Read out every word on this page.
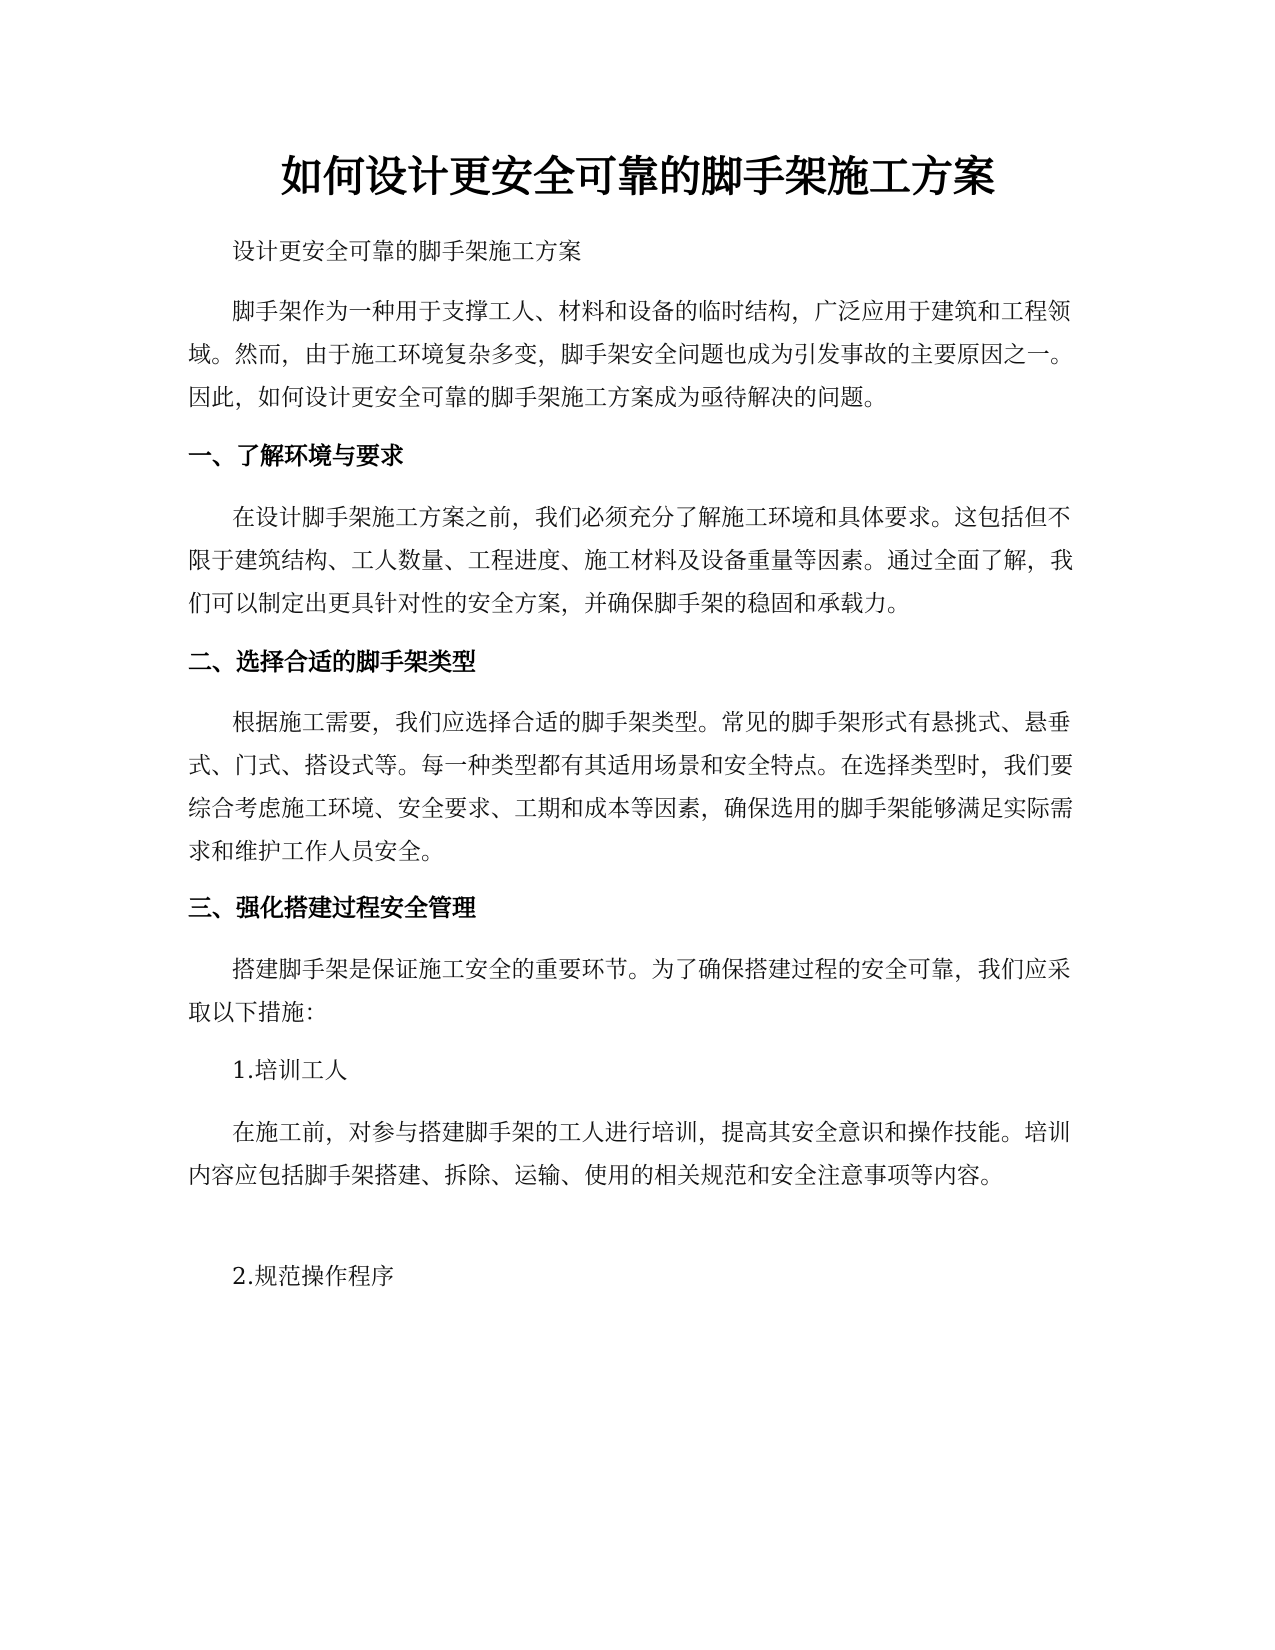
如何设计更安全可靠的脚手架施工方案

设计更安全可靠的脚手架施工方案

脚手架作为一种用于支撑工人、材料和设备的临时结构，广泛应用于建筑和工程领域。然而，由于施工环境复杂多变，脚手架安全问题也成为引发事故的主要原因之一。因此，如何设计更安全可靠的脚手架施工方案成为亟待解决的问题。

一、了解环境与要求

在设计脚手架施工方案之前，我们必须充分了解施工环境和具体要求。这包括但不限于建筑结构、工人数量、工程进度、施工材料及设备重量等因素。通过全面了解，我们可以制定出更具针对性的安全方案，并确保脚手架的稳固和承载力。

二、选择合适的脚手架类型

根据施工需要，我们应选择合适的脚手架类型。常见的脚手架形式有悬挑式、悬垂式、门式、搭设式等。每一种类型都有其适用场景和安全特点。在选择类型时，我们要综合考虑施工环境、安全要求、工期和成本等因素，确保选用的脚手架能够满足实际需求和维护工作人员安全。

三、强化搭建过程安全管理

搭建脚手架是保证施工安全的重要环节。为了确保搭建过程的安全可靠，我们应采取以下措施：

1.培训工人

在施工前，对参与搭建脚手架的工人进行培训，提高其安全意识和操作技能。培训内容应包括脚手架搭建、拆除、运输、使用的相关规范和安全注意事项等内容。

2.规范操作程序
